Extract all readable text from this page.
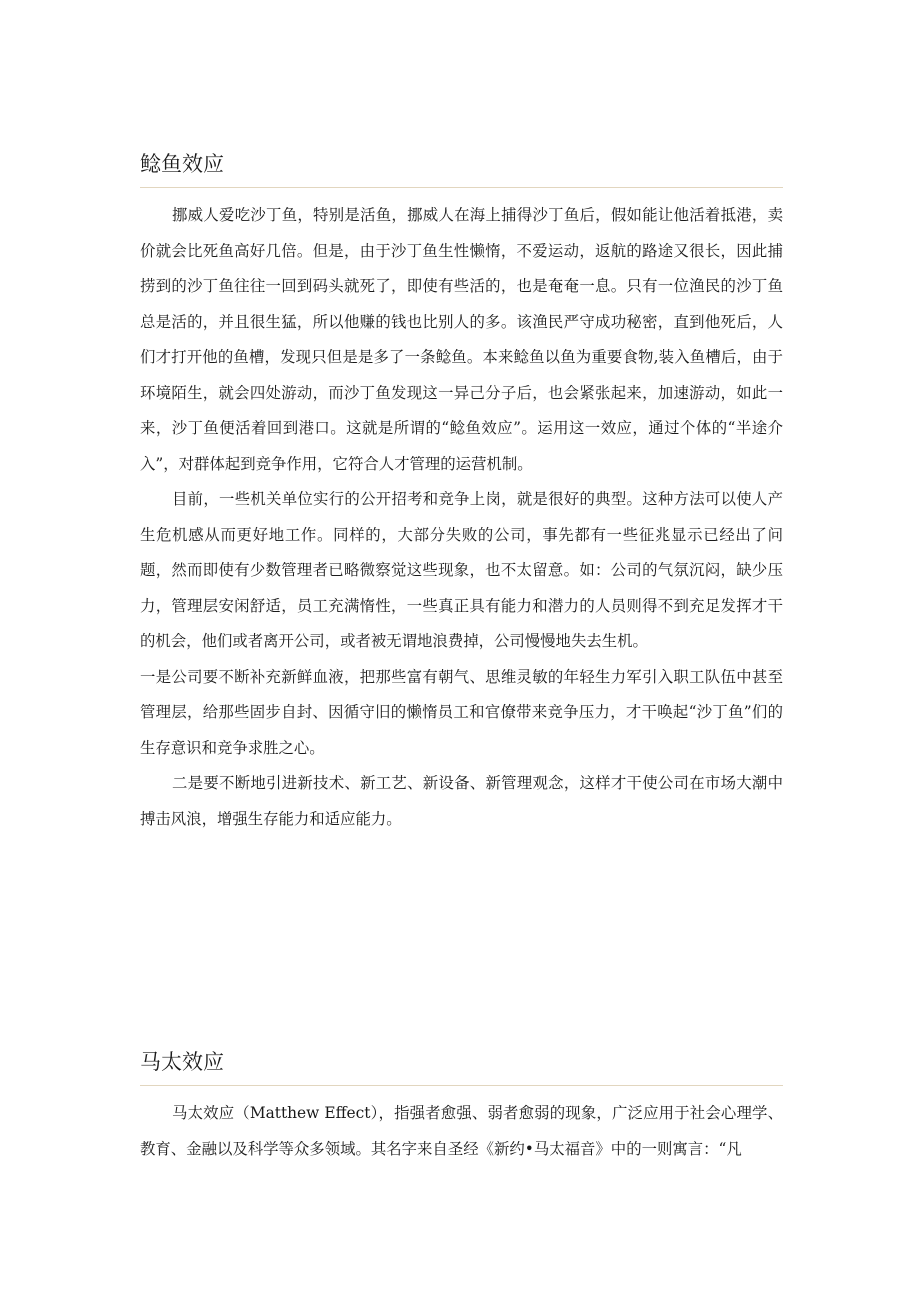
鲶鱼效应

挪威人爱吃沙丁鱼，特别是活鱼，挪威人在海上捕得沙丁鱼后，假如能让他活着抵港，卖价就会比死鱼高好几倍。但是，由于沙丁鱼生性懒惰，不爱运动，返航的路途又很长，因此捕捞到的沙丁鱼往往一回到码头就死了，即使有些活的，也是奄奄一息。只有一位渔民的沙丁鱼总是活的，并且很生猛，所以他赚的钱也比别人的多。该渔民严守成功秘密，直到他死后，人们才打开他的鱼槽，发现只但是是多了一条鲶鱼。本来鲶鱼以鱼为重要食物,装入鱼槽后，由于环境陌生，就会四处游动，而沙丁鱼发现这一异己分子后，也会紧张起来，加速游动，如此一来，沙丁鱼便活着回到港口。这就是所谓的“鲶鱼效应”。运用这一效应，通过个体的“半途介入”，对群体起到竞争作用，它符合人才管理的运营机制。

目前，一些机关单位实行的公开招考和竞争上岗，就是很好的典型。这种方法可以使人产生危机感从而更好地工作。同样的，大部分失败的公司，事先都有一些征兆显示已经出了问题，然而即使有少数管理者已略微察觉这些现象，也不太留意。如：公司的气氛沉闷，缺少压力，管理层安闲舒适，员工充满惰性，一些真正具有能力和潜力的人员则得不到充足发挥才干的机会，他们或者离开公司，或者被无谓地浪费掉，公司慢慢地失去生机。

一是公司要不断补充新鲜血液，把那些富有朝气、思维灵敏的年轻生力军引入职工队伍中甚至管理层，给那些固步自封、因循守旧的懒惰员工和官僚带来竞争压力，才干唤起“沙丁鱼”们的生存意识和竞争求胜之心。

二是要不断地引进新技术、新工艺、新设备、新管理观念，这样才干使公司在市场大潮中搏击风浪，增强生存能力和适应能力。

马太效应

马太效应（Matthew Effect），指强者愈强、弱者愈弱的现象，广泛应用于社会心理学、教育、金融以及科学等众多领域。其名字来自圣经《新约•马太福音》中的一则寓言：“凡
